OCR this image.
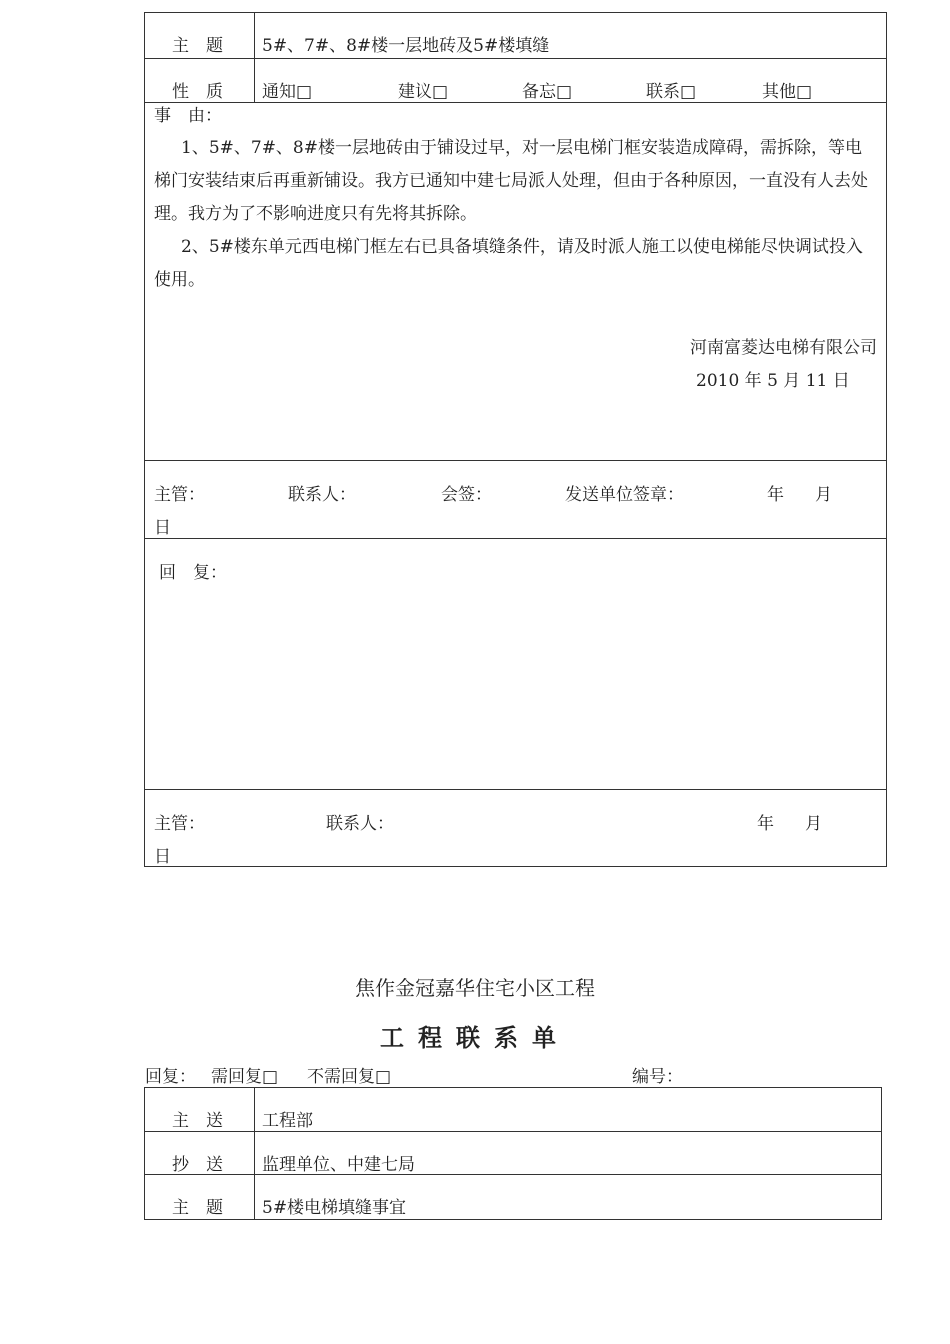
主　题 5#、7#、8#楼一层地砖及5#楼填缝
性　质 通知□	建议□	备忘□	联系□	其他□
事　由：

1、5#、7#、8#楼一层地砖由于铺设过早，对一层电梯门框安装造成障碍，需拆除，等电梯门安装结束后再重新铺设。我方已通知中建七局派人处理，但由于各种原因，一直没有人去处理。我方为了不影响进度只有先将其拆除。

2、5#楼东单元西电梯门框左右已具备填缝条件，请及时派人施工以使电梯能尽快调试投入使用。

河南富菱达电梯有限公司
2010 年 5 月 11 日
主管：	联系人：	会签：	发送单位签章：	年 月
日
回　复：
主管：	联系人：	年 月
日
焦作金冠嘉华住宅小区工程
工程联系单
回复： 需回复□ 不需回复□	编号：
主　送 工程部
抄　送 监理单位、中建七局
主　题 5#楼电梯填缝事宜
